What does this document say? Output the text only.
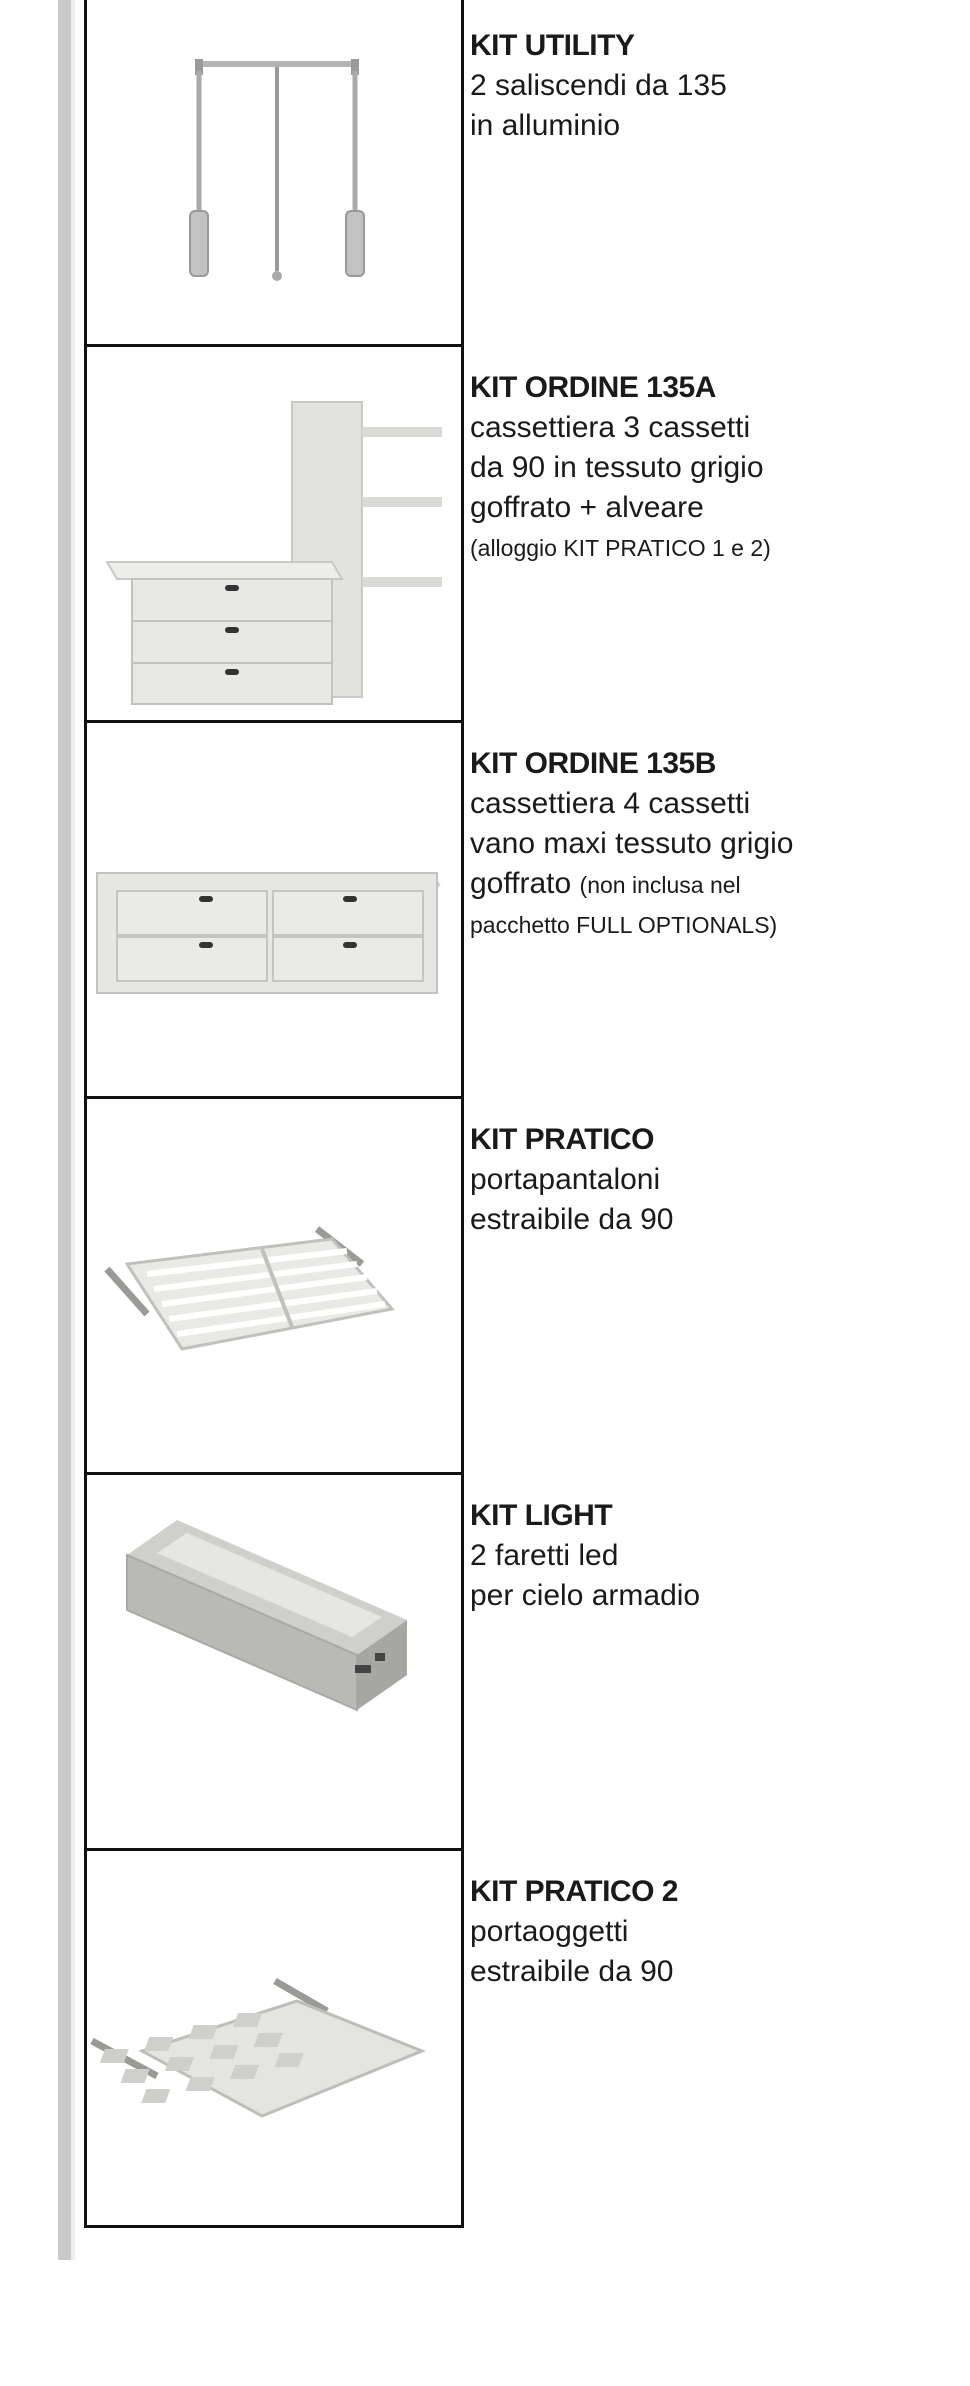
KIT UTILITY
2 saliscendi da 135
in alluminio
KIT ORDINE 135A
cassettiera 3 cassetti
da 90 in tessuto grigio
goffrato + alveare
(alloggio KIT PRATICO 1 e 2)
KIT ORDINE 135B
cassettiera 4 cassetti
vano maxi tessuto grigio
goffrato (non inclusa nel
pacchetto FULL OPTIONALS)
KIT PRATICO
portapantaloni
estraibile da 90
KIT LIGHT
2 faretti led
per cielo armadio
KIT PRATICO 2
portaoggetti
estraibile da 90
